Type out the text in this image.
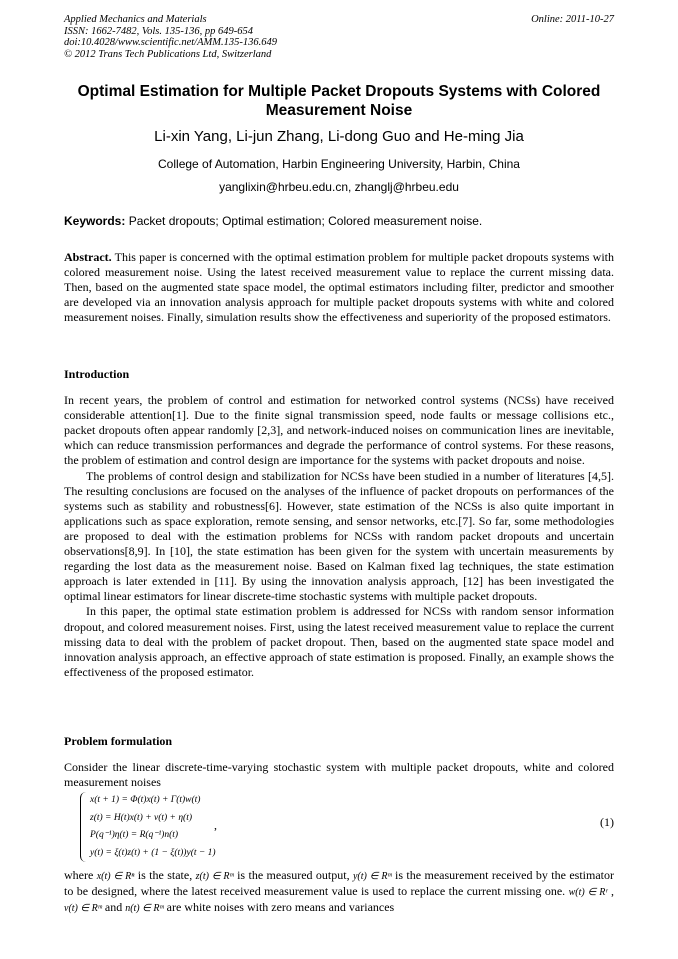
Applied Mechanics and Materials
ISSN: 1662-7482, Vols. 135-136, pp 649-654
doi:10.4028/www.scientific.net/AMM.135-136.649
© 2012 Trans Tech Publications Ltd, Switzerland
Online: 2011-10-27
Optimal Estimation for Multiple Packet Dropouts Systems with Colored Measurement Noise
Li-xin Yang, Li-jun Zhang, Li-dong Guo and He-ming Jia
College of Automation, Harbin Engineering University, Harbin, China
yanglixin@hrbeu.edu.cn, zhanglj@hrbeu.edu
Keywords: Packet dropouts; Optimal estimation; Colored measurement noise.

Abstract. This paper is concerned with the optimal estimation problem for multiple packet dropouts systems with colored measurement noise. Using the latest received measurement value to replace the current missing data. Then, based on the augmented state space model, the optimal estimators including filter, predictor and smoother are developed via an innovation analysis approach for multiple packet dropouts systems with white and colored measurement noises. Finally, simulation results show the effectiveness and superiority of the proposed estimators.

Introduction

In recent years, the problem of control and estimation for networked control systems (NCSs) have received considerable attention[1]. Due to the finite signal transmission speed, node faults or message collisions etc., packet dropouts often appear randomly [2,3], and network-induced noises on communication lines are inevitable, which can reduce transmission performances and degrade the performance of control systems. For these reasons, the problem of estimation and control design are importance for the systems with packet dropouts and noise.

The problems of control design and stabilization for NCSs have been studied in a number of literatures [4,5]. The resulting conclusions are focused on the analyses of the influence of packet dropouts on performances of the systems such as stability and robustness[6]. However, state estimation of the NCSs is also quite important in applications such as space exploration, remote sensing, and sensor networks, etc.[7]. So far, some methodologies are proposed to deal with the estimation problems for NCSs with random packet dropouts and uncertain observations[8,9]. In [10], the state estimation has been given for the system with uncertain measurements by regarding the lost data as the measurement noise. Based on Kalman fixed lag techniques, the state estimation approach is later extended in [11]. By using the innovation analysis approach, [12] has been investigated the optimal linear estimators for linear discrete-time stochastic systems with multiple packet dropouts.

In this paper, the optimal state estimation problem is addressed for NCSs with random sensor information dropout, and colored measurement noises. First, using the latest received measurement value to replace the current missing data to deal with the problem of packet dropout. Then, based on the augmented state space model and innovation analysis approach, an effective approach of state estimation is proposed. Finally, an example shows the effectiveness of the proposed estimator.

Problem formulation

Consider the linear discrete-time-varying stochastic system with multiple packet dropouts, white and colored measurement noises

x(t + 1) = Φ(t)x(t) + Γ(t)w(t)
z(t) = H(t)x(t) + v(t) + η(t)
P(q⁻¹)η(t) = R(q⁻¹)n(t)
y(t) = ξ(t)z(t) + (1 − ξ(t))y(t − 1)
,	(1)

where x(t) ∈ Rⁿ is the state, z(t) ∈ Rᵐ is the measured output, y(t) ∈ Rᵐ is the measurement received by the estimator to be designed, where the latest received measurement value is used to replace the current missing one. w(t) ∈ Rʳ , v(t) ∈ Rᵐ and n(t) ∈ Rᵐ are white noises with zero means and variances
